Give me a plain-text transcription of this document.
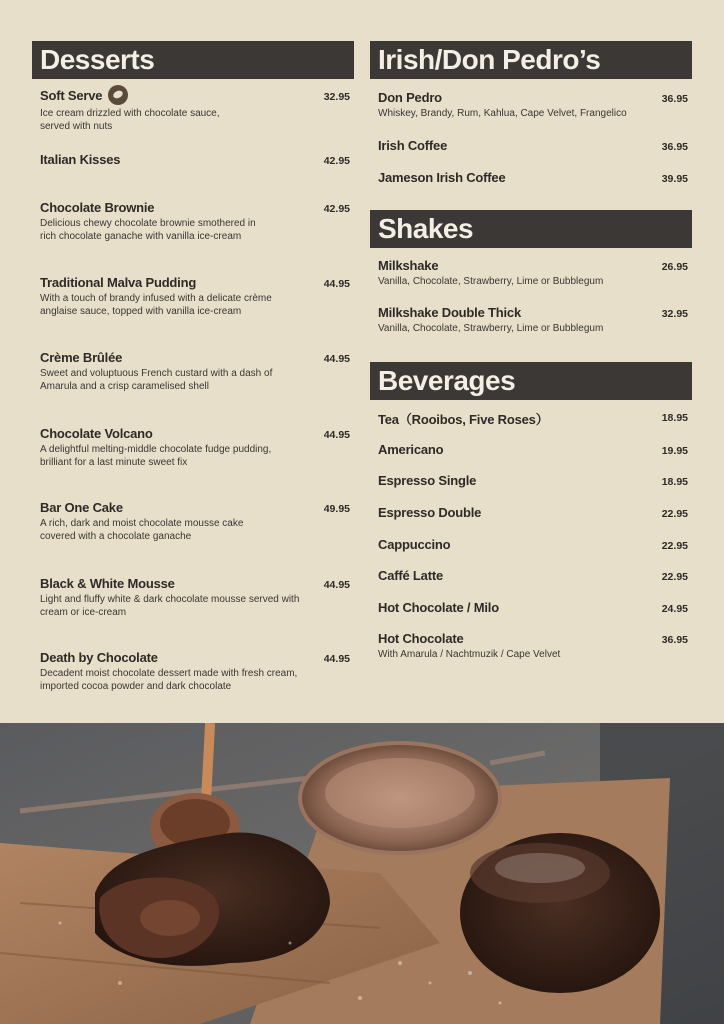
Desserts	Irish/Don Pedro’s
Shakes
Beverages
Soft Serve
Ice cream drizzled with chocolate sauce,
served with nuts
32.95
Italian Kisses	42.95
Chocolate Brownie
Delicious chewy chocolate brownie smothered in
rich chocolate ganache with vanilla ice-cream
42.95
Traditional Malva Pudding
With a touch of brandy infused with a delicate crème
anglaise sauce, topped with vanilla ice-cream
44.95
Crème Brûlée
Sweet and voluptuous French custard with a dash of
Amarula and a crisp caramelised shell
44.95
Chocolate Volcano
A delightful melting-middle chocolate fudge pudding,
brilliant for a last minute sweet fix
44.95
Bar One Cake
A rich, dark and moist chocolate mousse cake
covered with a chocolate ganache
49.95
Black & White Mousse
Light and fluffy white & dark chocolate mousse served with
cream or ice-cream
44.95
Death by Chocolate
Decadent moist chocolate dessert made with fresh cream,
imported cocoa powder and dark chocolate
44.95
Don Pedro
Whiskey, Brandy, Rum, Kahlua, Cape Velvet, Frangelico
36.95
Irish Coffee	36.95
Jameson Irish Coffee	39.95
Milkshake
Vanilla, Chocolate, Strawberry, Lime or Bubblegum
26.95
Milkshake Double Thick
Vanilla, Chocolate, Strawberry, Lime or Bubblegum
32.95
Tea（Rooibos, Five Roses）	18.95
Americano	19.95
Espresso Single	18.95
Espresso Double	22.95
Cappuccino	22.95
Caffé Latte	22.95
Hot Chocolate / Milo	24.95
Hot Chocolate
With Amarula / Nachtmuzik / Cape Velvet
36.95
